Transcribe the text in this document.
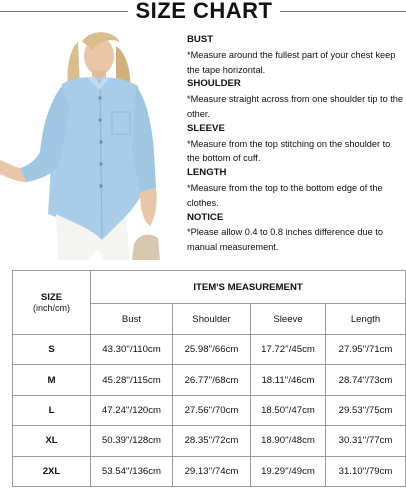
SIZE CHART
BUST
*Measure around the fullest part of your chest keep the tape horizontal.
SHOULDER
*Measure straight across from one shoulder tip to the other.
SLEEVE
*Measure from the top stitching on the shoulder to the bottom of cuff.
LENGTH
*Measure from the top to the bottom edge of the clothes.
NOTICE
*Please allow 0.4 to 0.8 inches difference due to manual measurement.
SIZE
(inch/cm)	ITEM'S MEASUREMENT			
	Bust	Shoulder	Sleeve	Length
S	43.30''/110cm	25.98''/66cm	17.72''/45cm	27.95''/71cm
M	45.28''/115cm	26.77''/68cm	18.11''/46cm	28.74''/73cm
L	47.24''/120cm	27.56''/70cm	18.50''/47cm	29.53''/75cm
XL	50.39''/128cm	28.35''/72cm	18.90''/48cm	30.31''/77cm
2XL	53.54''/136cm	29.13''/74cm	19.29''/49cm	31.10''/79cm
